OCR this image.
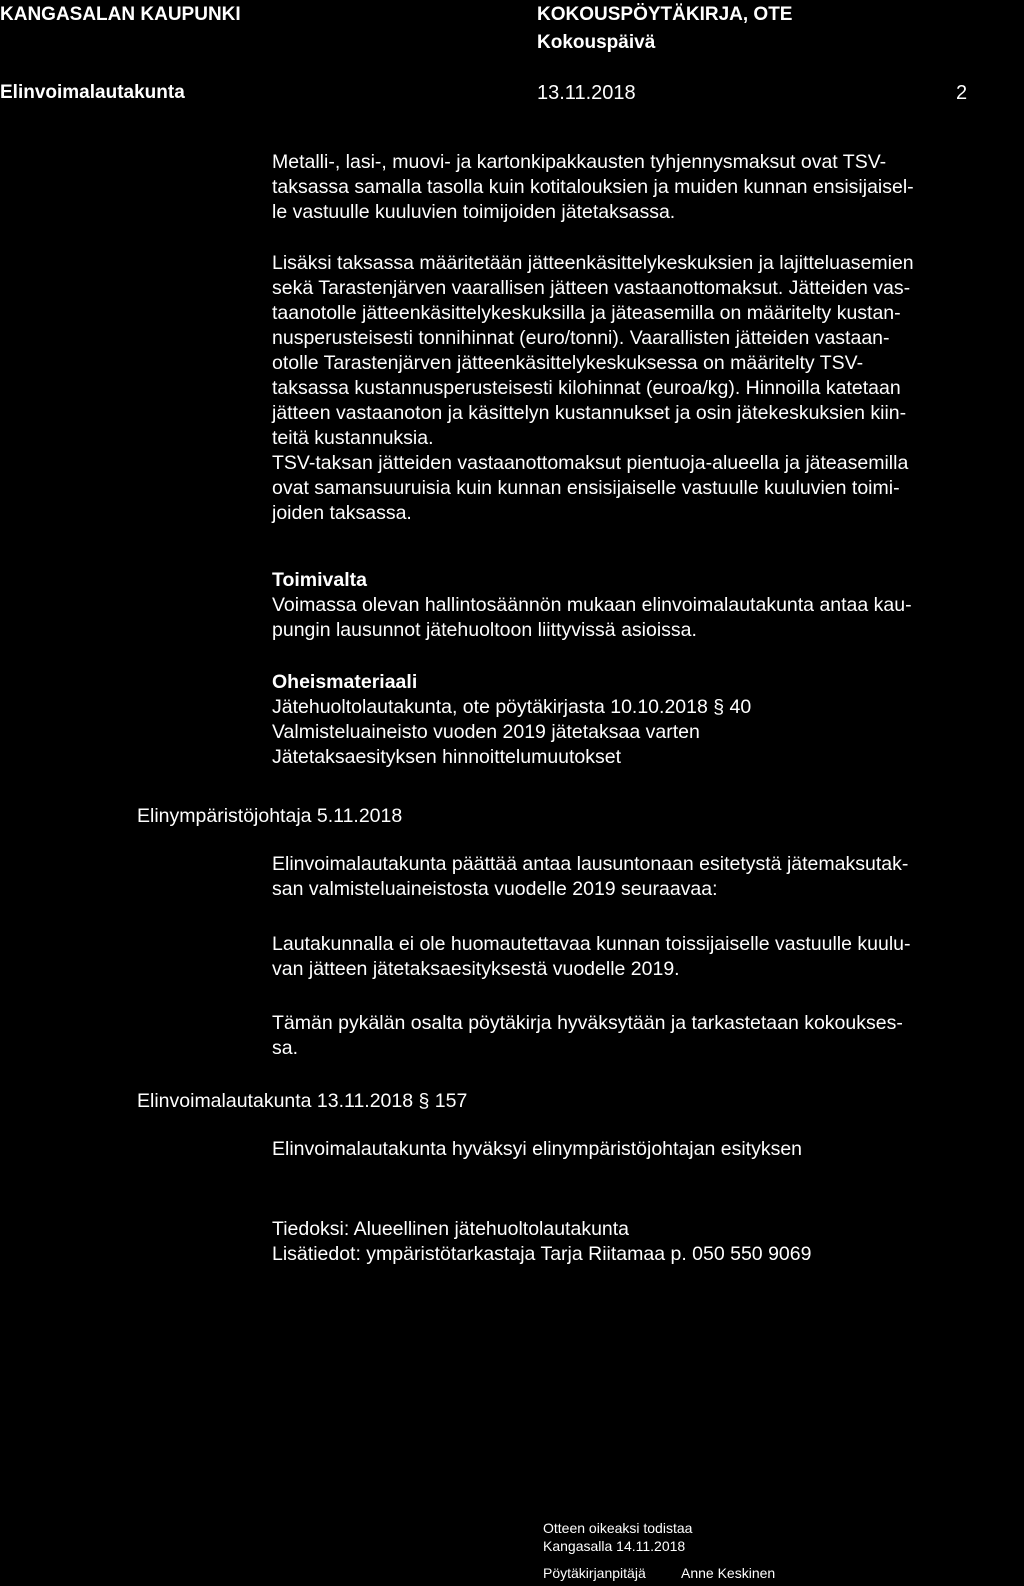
KANGASALAN KAUPUNKI	KOKOUSPÖYTÄKIRJA, OTE
Kokouspäivä
Elinvoimalautakunta	13.11.2018	2
Metalli-, lasi-, muovi- ja kartonkipakkausten tyhjennysmaksut ovat TSV-
taksassa samalla tasolla kuin kotitalouksien ja muiden kunnan ensisijaisel-
le vastuulle kuuluvien toimijoiden jätetaksassa.
Lisäksi taksassa määritetään jätteenkäsittelykeskuksien ja lajitteluasemien
sekä Tarastenjärven vaarallisen jätteen vastaanottomaksut. Jätteiden vas-
taanotolle jätteenkäsittelykeskuksilla ja jäteasemilla on määritelty kustan-
nusperusteisesti tonnihinnat (euro/tonni). Vaarallisten jätteiden vastaan-
otolle Tarastenjärven jätteenkäsittelykeskuksessa on määritelty TSV-
taksassa kustannusperusteisesti kilohinnat (euroa/kg). Hinnoilla katetaan
jätteen vastaanoton ja käsittelyn kustannukset ja osin jätekeskuksien kiin-
teitä kustannuksia.
TSV-taksan jätteiden vastaanottomaksut pientuoja-alueella ja jäteasemilla
ovat samansuuruisia kuin kunnan ensisijaiselle vastuulle kuuluvien toimi-
joiden taksassa.
Toimivalta
Voimassa olevan hallintosäännön mukaan elinvoimalautakunta antaa kau-
pungin lausunnot jätehuoltoon liittyvissä asioissa.
Oheismateriaali
Jätehuoltolautakunta, ote pöytäkirjasta 10.10.2018 § 40
Valmisteluaineisto vuoden 2019 jätetaksaa varten
Jätetaksaesityksen hinnoittelumuutokset
Elinympäristöjohtaja 5.11.2018
Elinvoimalautakunta päättää antaa lausuntonaan esitetystä jätemaksutak-
san valmisteluaineistosta vuodelle 2019 seuraavaa:
Lautakunnalla ei ole huomautettavaa kunnan toissijaiselle vastuulle kuulu-
van jätteen jätetaksaesityksestä vuodelle 2019.
Tämän pykälän osalta pöytäkirja hyväksytään ja tarkastetaan kokoukses-
sa.
Elinvoimalautakunta 13.11.2018 § 157
Elinvoimalautakunta hyväksyi elinympäristöjohtajan esityksen
Tiedoksi: Alueellinen jätehuoltolautakunta
Lisätiedot: ympäristötarkastaja Tarja Riitamaa p. 050 550 9069
Otteen oikeaksi todistaa
Kangasalla 14.11.2018
Pöytäkirjanpitäjä	Anne Keskinen
